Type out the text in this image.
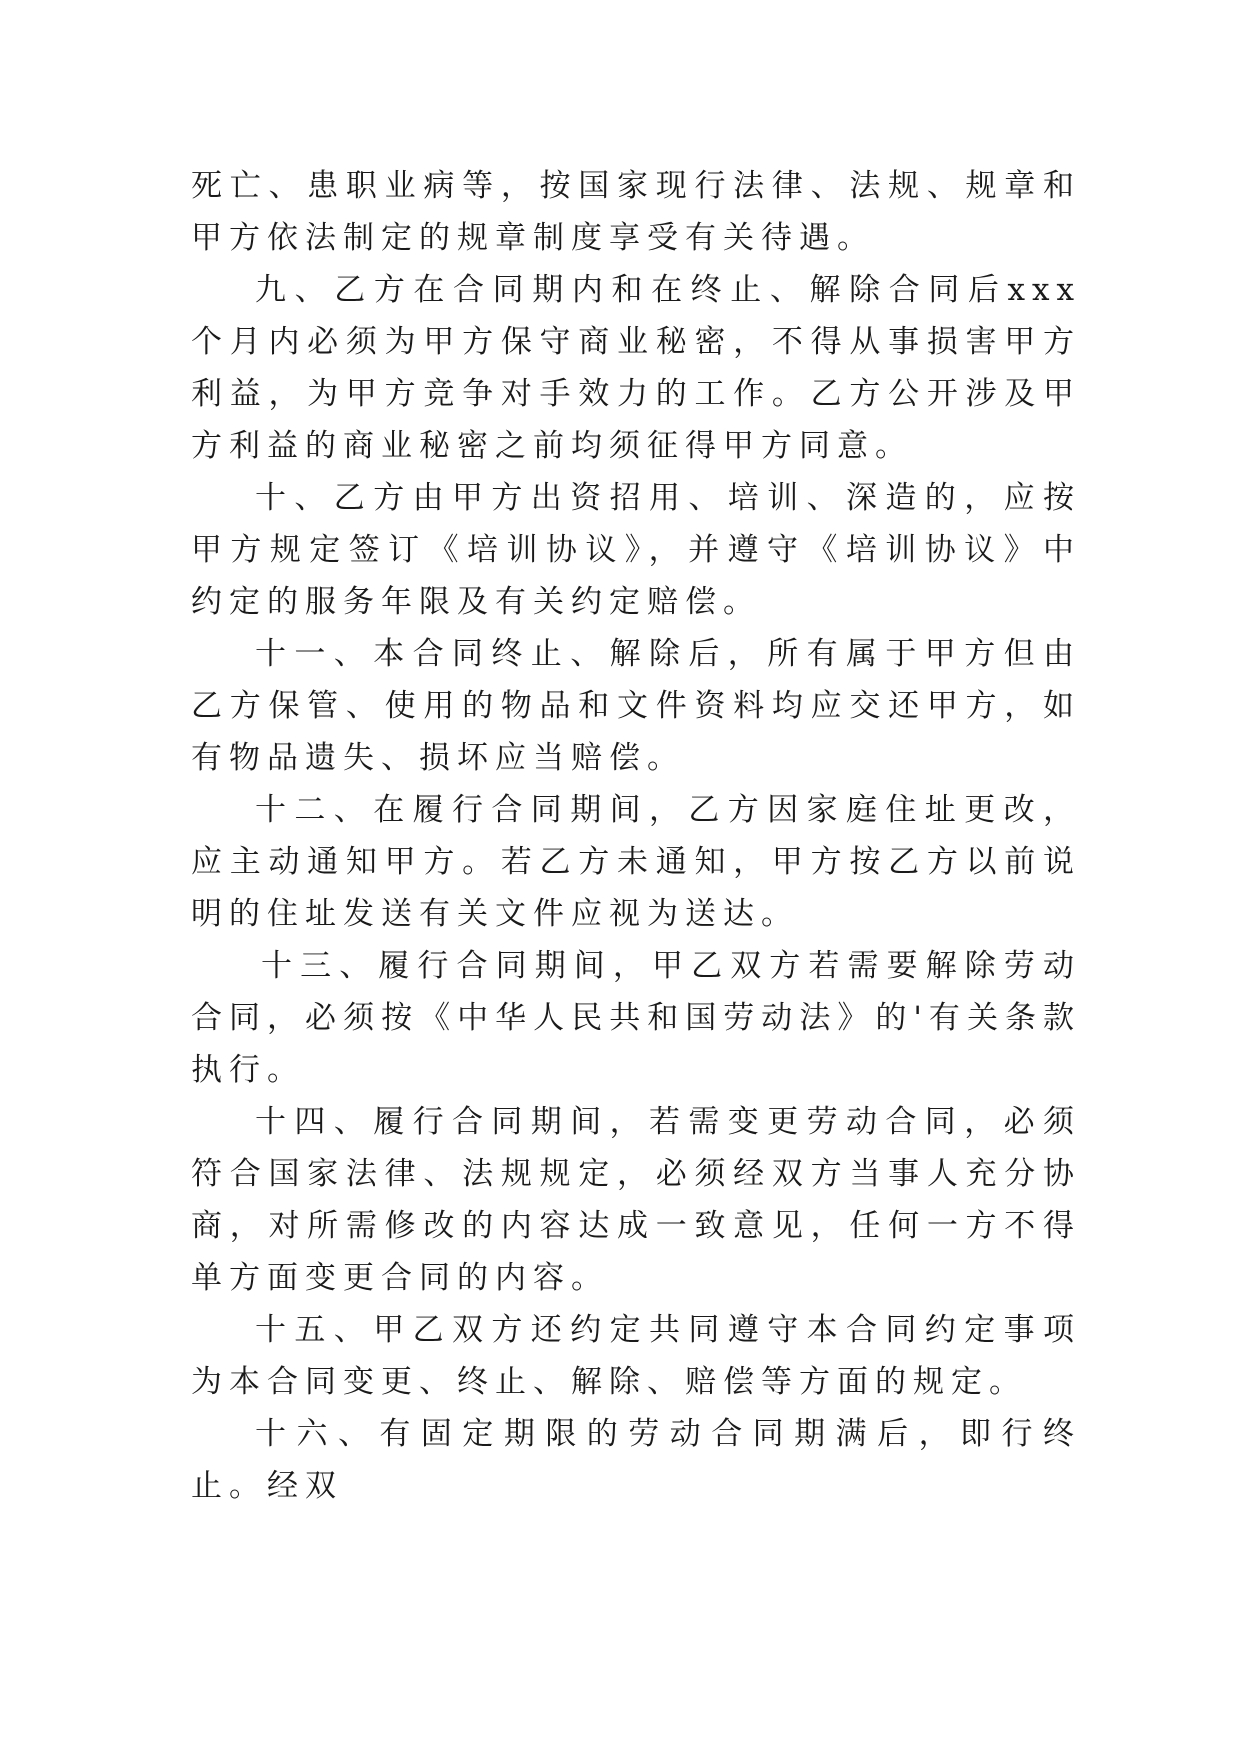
死亡、患职业病等，按国家现行法律、法规、规章和甲方依法制定的规章制度享受有关待遇。

九、乙方在合同期内和在终止、解除合同后xxx个月内必须为甲方保守商业秘密，不得从事损害甲方利益，为甲方竞争对手效力的工作。乙方公开涉及甲方利益的商业秘密之前均须征得甲方同意。

十、乙方由甲方出资招用、培训、深造的，应按甲方规定签订《培训协议》，并遵守《培训协议》中约定的服务年限及有关约定赔偿。

十一、本合同终止、解除后，所有属于甲方但由乙方保管、使用的物品和文件资料均应交还甲方，如有物品遗失、损坏应当赔偿。

十二、在履行合同期间，乙方因家庭住址更改，应主动通知甲方。若乙方未通知，甲方按乙方以前说明的住址发送有关文件应视为送达。

十三、履行合同期间，甲乙双方若需要解除劳动合同，必须按《中华人民共和国劳动法》的'有关条款执行。

十四、履行合同期间，若需变更劳动合同，必须符合国家法律、法规规定，必须经双方当事人充分协商，对所需修改的内容达成一致意见，任何一方不得单方面变更合同的内容。

十五、甲乙双方还约定共同遵守本合同约定事项为本合同变更、终止、解除、赔偿等方面的规定。

十六、有固定期限的劳动合同期满后，即行终止。经双
